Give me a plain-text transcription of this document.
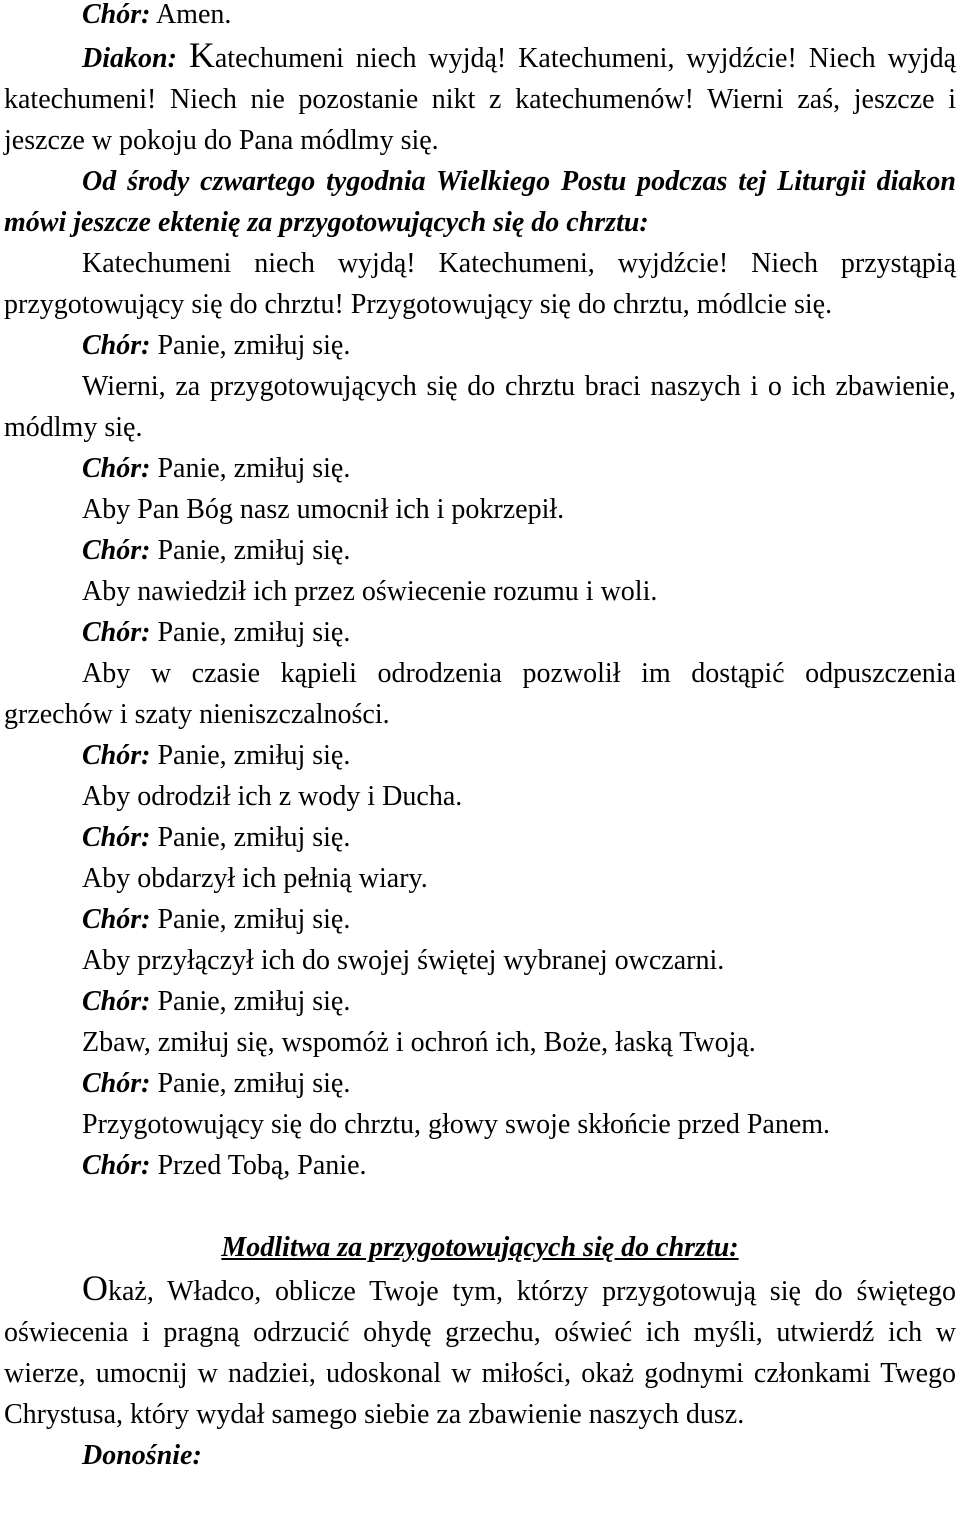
Chór: Amen.

Diakon: Katechumeni niech wyjdą! Katechumeni, wyjdźcie! Niech wyjdą katechumeni! Niech nie pozostanie nikt z katechumenów! Wierni zaś, jeszcze i jeszcze w pokoju do Pana módlmy się.

Od środy czwartego tygodnia Wielkiego Postu podczas tej Liturgii diakon mówi jeszcze ektenię za przygotowujących się do chrztu:

Katechumeni niech wyjdą! Katechumeni, wyjdźcie! Niech przystąpią przygotowujący się do chrztu! Przygotowujący się do chrztu, módlcie się.

Chór: Panie, zmiłuj się.

Wierni, za przygotowujących się do chrztu braci naszych i o ich zbawienie, módlmy się.

Chór: Panie, zmiłuj się.

Aby Pan Bóg nasz umocnił ich i pokrzepił.

Chór: Panie, zmiłuj się.

Aby nawiedził ich przez oświecenie rozumu i woli.

Chór: Panie, zmiłuj się.

Aby w czasie kąpieli odrodzenia pozwolił im dostąpić odpuszczenia grzechów i szaty nieniszczalności.

Chór: Panie, zmiłuj się.

Aby odrodził ich z wody i Ducha.

Chór: Panie, zmiłuj się.

Aby obdarzył ich pełnią wiary.

Chór: Panie, zmiłuj się.

Aby przyłączył ich do swojej świętej wybranej owczarni.

Chór: Panie, zmiłuj się.

Zbaw, zmiłuj się, wspomóż i ochroń ich, Boże, łaską Twoją.

Chór: Panie, zmiłuj się.

Przygotowujący się do chrztu, głowy swoje skłońcie przed Panem.

Chór: Przed Tobą, Panie.

Modlitwa za przygotowujących się do chrztu:

Okaż, Władco, oblicze Twoje tym, którzy przygotowują się do świętego oświecenia i pragną odrzucić ohydę grzechu, oświeć ich myśli, utwierdź ich w wierze, umocnij w nadziei, udoskonal w miłości, okaż godnymi członkami Twego Chrystusa, który wydał samego siebie za zbawienie naszych dusz.

Donośnie:
